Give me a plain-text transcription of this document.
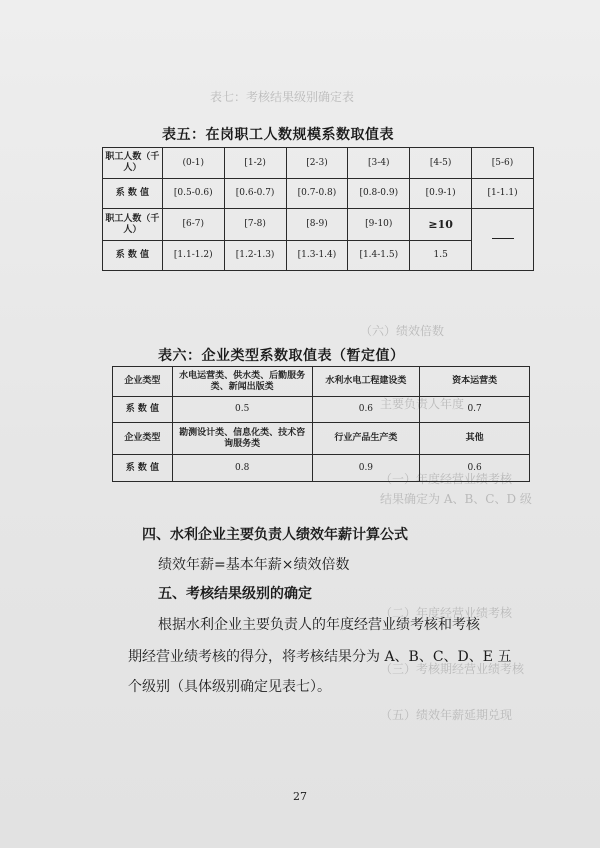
表七：考核结果级别确定表
（六）绩效倍数
主要负责人年度
（一）年度经营业绩考核
结果确定为 A、B、C、D 级
（二）年度经营业绩考核
（三）考核期经营业绩考核
（五）绩效年薪延期兑现
表五：在岗职工人数规模系数取值表
职工人数（千人）	(0-1)	[1-2)	[2-3)	[3-4)	[4-5)	[5-6)
系 数 值	[0.5-0.6)	[0.6-0.7)	[0.7-0.8)	[0.8-0.9)	[0.9-1)	[1-1.1)
职工人数（千人）	[6-7)	[7-8)	[8-9)	[9-10)	≥10	
系 数 值	[1.1-1.2)	[1.2-1.3)	[1.3-1.4)	[1.4-1.5)	1.5	
表六：企业类型系数取值表（暂定值）
企业类型	水电运营类、供水类、后勤服务类、新闻出版类	水利水电工程建设类	资本运营类
系 数 值	0.5	0.6	0.7
企业类型	勘测设计类、信息化类、技术咨询服务类	行业产品生产类	其他
系 数 值	0.8	0.9	0.6
四、水利企业主要负责人绩效年薪计算公式
绩效年薪=基本年薪×绩效倍数
五、考核结果级别的确定
根据水利企业主要负责人的年度经营业绩考核和考核
期经营业绩考核的得分，将考核结果分为 A、B、C、D、E 五
个级别（具体级别确定见表七）。
27
